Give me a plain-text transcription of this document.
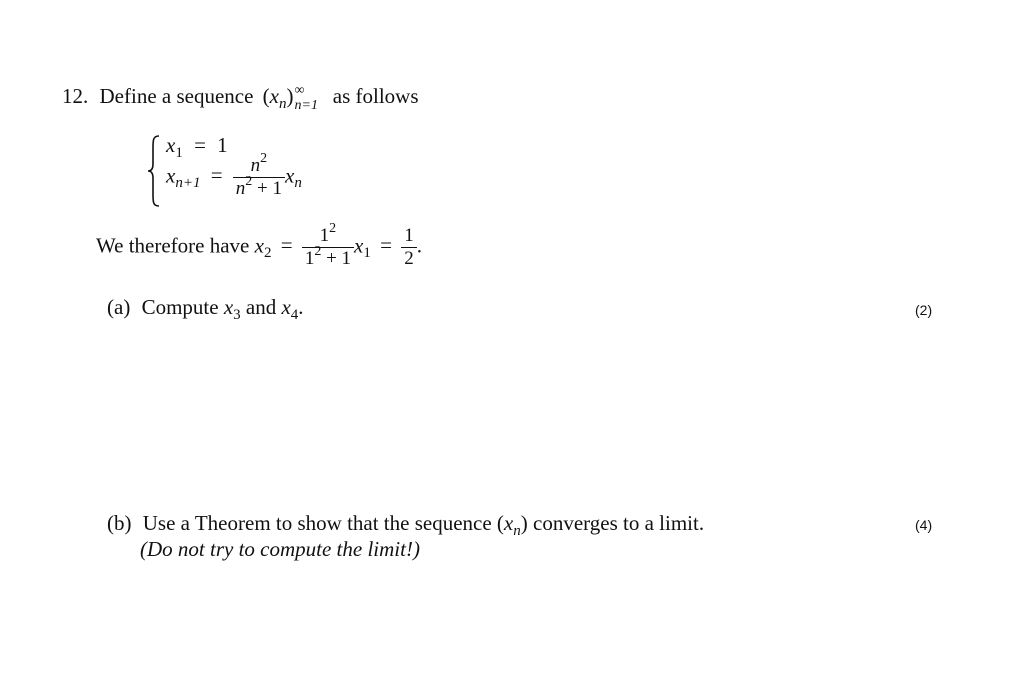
12. Define a sequence $(x_n)$ ∞
n=1 as follows
$x_1 = 1$
$x_{n+1} = \frac{n^2}{n^2 + 1} x_n$
We therefore have $x_2 = \frac{1^2}{1^2 + 1} x_1 = \frac{1}{2}$ .
(a) Compute $x_3$ and $x_4$.	(2)
(b) Use a Theorem to show that the sequence $(x_n)$ converges to a limit.
(Do not try to compute the limit!)
(4)
